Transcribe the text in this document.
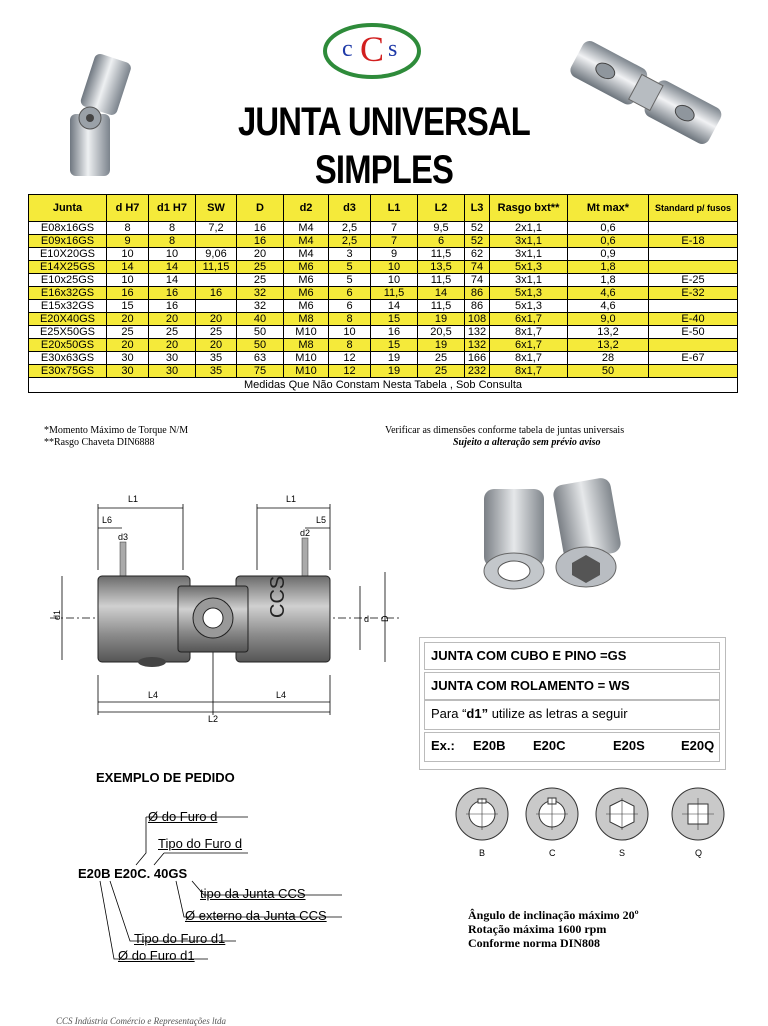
c C s
JUNTA UNIVERSAL SIMPLES
Junta	d H7	d1 H7	SW	D	d2	d3	L1	L2	L3	Rasgo bxt**	Mt max*	Standard p/ fusos
E08x16GS	8	8	7,2	16	M4	2,5	7	9,5	52	2x1,1	0,6	
E09x16GS	9	8		16	M4	2,5	7	6	52	3x1,1	0,6	E-18
E10X20GS	10	10	9,06	20	M4	3	9	11,5	62	3x1,1	0,9	
E14X25GS	14	14	11,15	25	M6	5	10	13,5	74	5x1,3	1,8	
E10x25GS	10	14		25	M6	5	10	11,5	74	3x1,1	1,8	E-25
E16x32GS	16	16	16	32	M6	6	11,5	14	86	5x1,3	4,6	E-32
E15x32GS	15	16		32	M6	6	14	11,5	86	5x1,3	4,6	
E20X40GS	20	20	20	40	M8	8	15	19	108	6x1,7	9,0	E-40
E25X50GS	25	25	25	50	M10	10	16	20,5	132	8x1,7	13,2	E-50
E20x50GS	20	20	20	50	M8	8	15	19	132	6x1,7	13,2	
E30x63GS	30	30	35	63	M10	12	19	25	166	8x1,7	28	E-67
E30x75GS	30	30	35	75	M10	12	19	25	232	8x1,7	50	
Medidas Que Não Constam Nesta Tabela , Sob Consulta												
*Momento Máximo de Torque N/M
**Rasgo Chaveta DIN6888
Verificar as dimensões conforme tabela de juntas universais
Sujeito a alteração sem prévio aviso
CCS
L1	L1
L6	L5
d3	d2
d1	d D
L4	L4
L2
JUNTA COM CUBO E PINO =GS
JUNTA COM ROLAMENTO = WS
Para “d1” utilize as letras a seguir
Ex.: E20B E20C	E20S	E20Q
EXEMPLO DE PEDIDO
Ø do Furo d
Tipo do Furo d
E20B E20C. 40GS
tipo da Junta CCS
Ø externo da Junta CCS
Tipo do Furo d1
Ø do Furo d1
B	C	S	Q
Ângulo de inclinação máximo 20º
Rotação máxima 1600 rpm
Conforme norma DIN808
CCS Indústria Comércio e Representações ltda
